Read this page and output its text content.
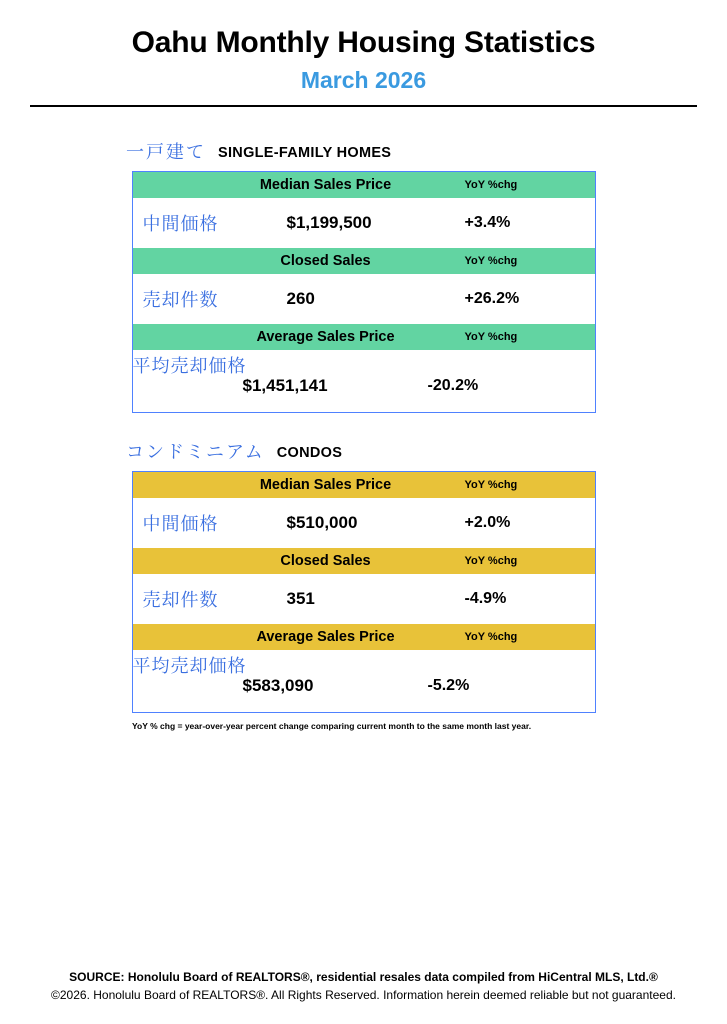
Oahu Monthly Housing Statistics
March 2026
一戸建て SINGLE-FAMILY HOMES
Median Sales Price	YoY %chg
中間価格	$1,199,500	+3.4%
Closed Sales	YoY %chg
売却件数	260	+26.2%
Average Sales Price	YoY %chg
平均売却価格
$1,451,141	-20.2%
コンドミニアム CONDOS
Median Sales Price	YoY %chg
中間価格	$510,000	+2.0%
Closed Sales	YoY %chg
売却件数	351	-4.9%
Average Sales Price	YoY %chg
平均売却価格
$583,090	-5.2%
YoY % chg = year-over-year percent change comparing current month to the same month last year.

SOURCE: Honolulu Board of REALTORS®, residential resales data compiled from HiCentral MLS, Ltd.®

©2026. Honolulu Board of REALTORS®. All Rights Reserved. Information herein deemed reliable but not guaranteed.
